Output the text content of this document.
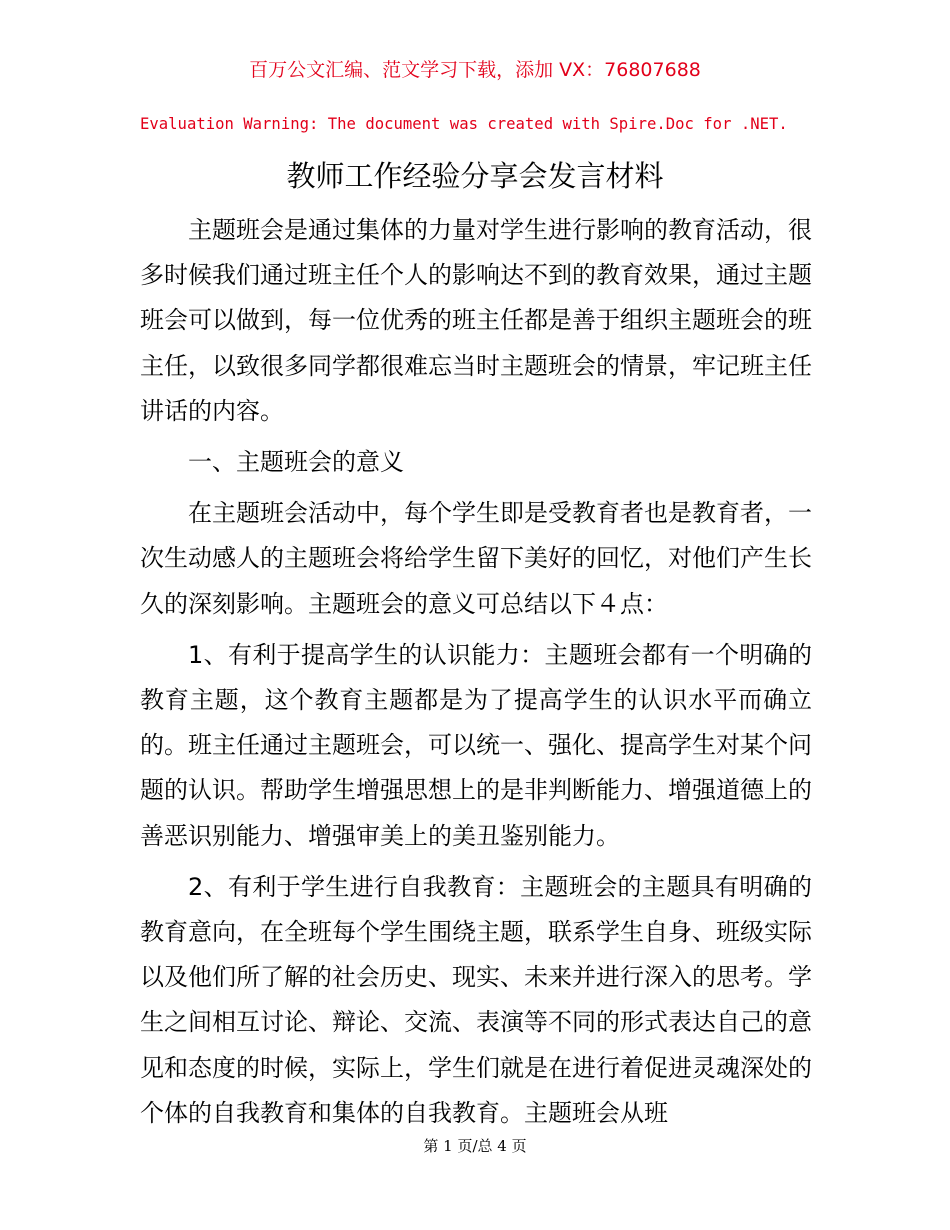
百万公文汇编、范文学习下载，添加 VX：76807688
Evaluation Warning: The document was created with Spire.Doc for .NET.
教师工作经验分享会发言材料

主题班会是通过集体的力量对学生进行影响的教育活动，很多时候我们通过班主任个人的影响达不到的教育效果，通过主题班会可以做到，每一位优秀的班主任都是善于组织主题班会的班主任，以致很多同学都很难忘当时主题班会的情景，牢记班主任讲话的内容。

一、主题班会的意义

在主题班会活动中，每个学生即是受教育者也是教育者，一次生动感人的主题班会将给学生留下美好的回忆，对他们产生长久的深刻影响。主题班会的意义可总结以下４点：

1、有利于提高学生的认识能力：主题班会都有一个明确的教育主题，这个教育主题都是为了提高学生的认识水平而确立的。班主任通过主题班会，可以统一、强化、提高学生对某个问题的认识。帮助学生增强思想上的是非判断能力、增强道德上的善恶识别能力、增强审美上的美丑鉴别能力。

2、有利于学生进行自我教育：主题班会的主题具有明确的教育意向，在全班每个学生围绕主题，联系学生自身、班级实际以及他们所了解的社会历史、现实、未来并进行深入的思考。学生之间相互讨论、辩论、交流、表演等不同的形式表达自己的意见和态度的时候，实际上，学生们就是在进行着促进灵魂深处的个体的自我教育和集体的自我教育。主题班会从班

第 1 页/总 4 页
